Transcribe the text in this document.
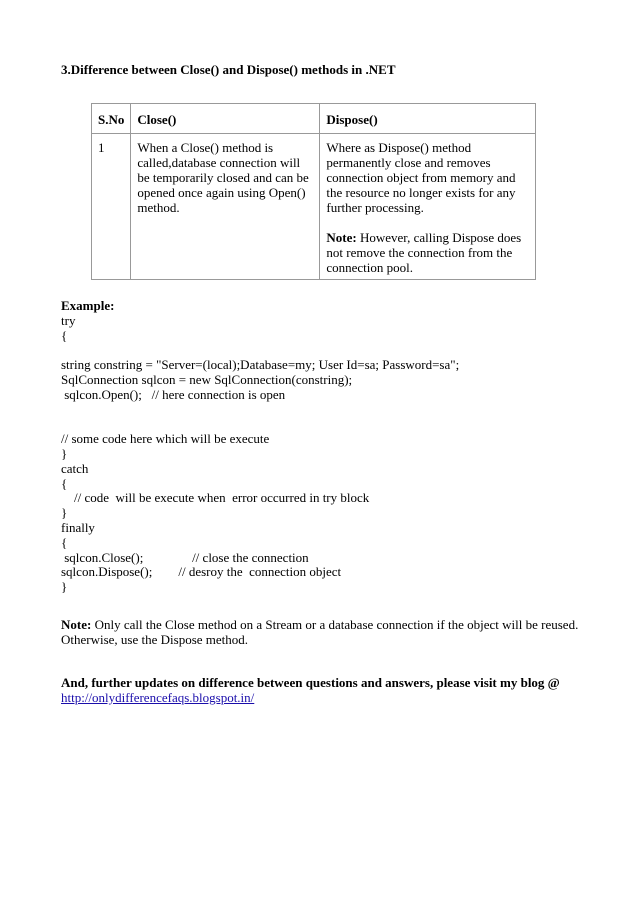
3.Difference between Close() and Dispose() methods in .NET
S.No	Close()	Dispose()
1	When a Close() method is called,database connection will be temporarily closed and can be opened once again using Open() method.	Where as Dispose() method permanently close and removes connection object from memory and the resource no longer exists for any further processing.
Note: However, calling Dispose does not remove the connection from the connection pool.
Example:
try
{

string constring = "Server=(local);Database=my; User Id=sa; Password=sa";
SqlConnection sqlcon = new SqlConnection(constring);
sqlcon.Open();   // here connection is open

// some code here which will be execute
}
catch
{
// code  will be execute when  error occurred in try block
}
finally
{
sqlcon.Close();               // close the connection
sqlcon.Dispose();        // desroy the  connection object
}
Note: Only call the Close method on a Stream or a database connection if the object will be reused. Otherwise, use the Dispose method.
And, further updates on difference between questions and answers, please visit my blog @
http://onlydifferencefaqs.blogspot.in/
